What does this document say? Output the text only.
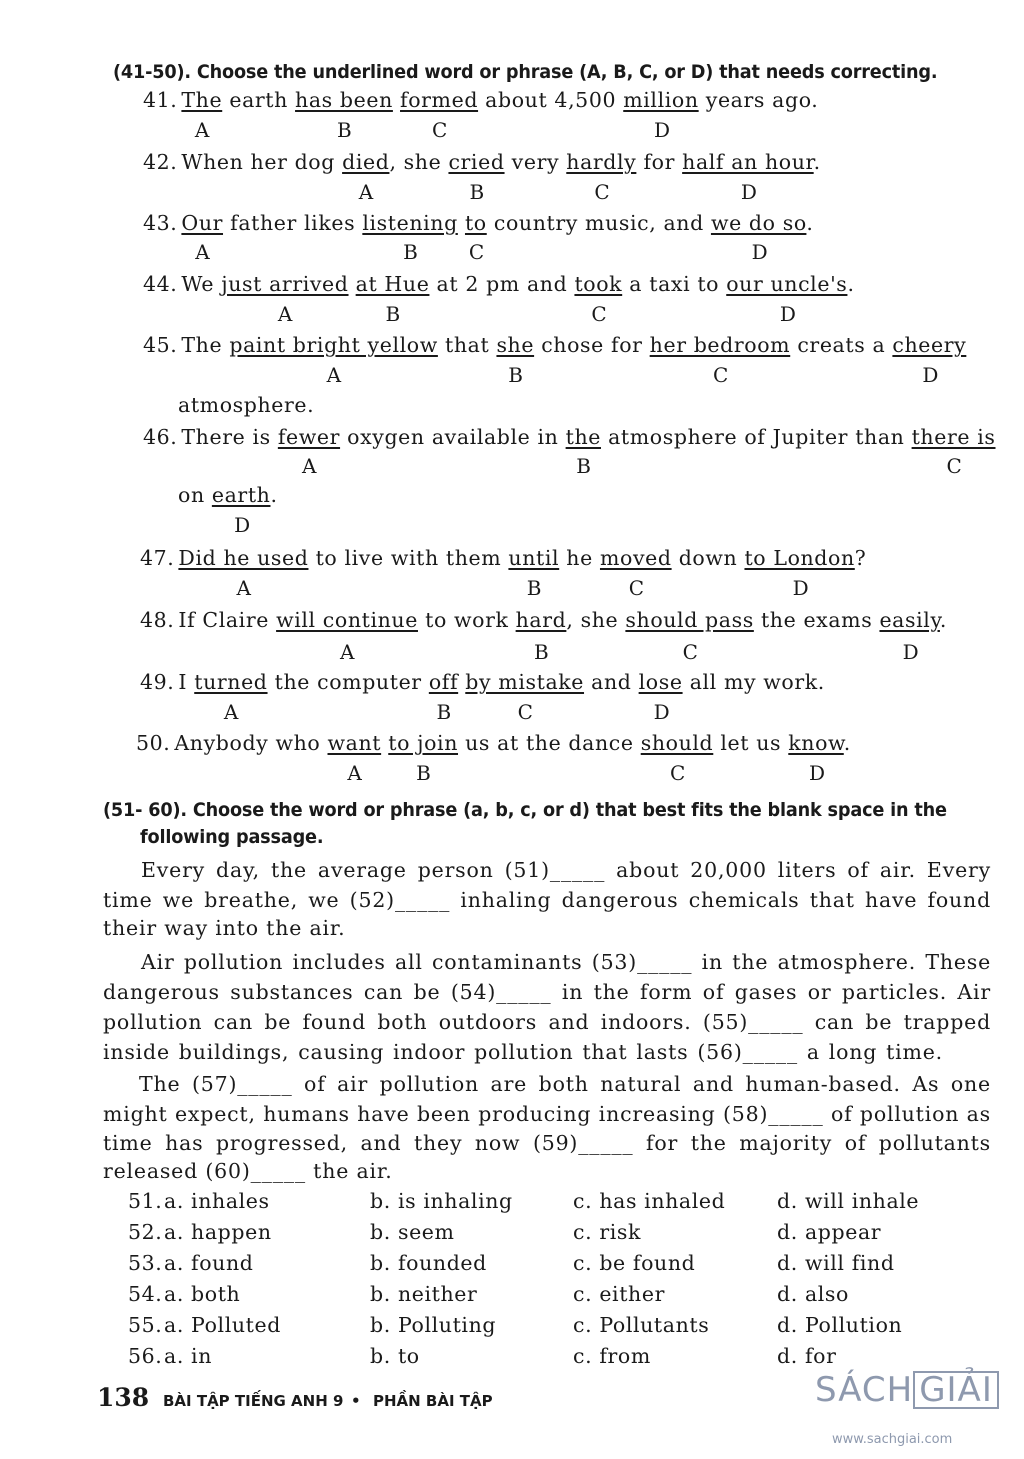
(41-50). Choose the underlined word or phrase (A, B, C, or D) that needs correcting.
41. The earth has been formed about 4,500 million years ago.
A	B	C	D
42. When her dog died, she cried very hardly for half an hour.
A	B	C	D
43. Our father likes listening to country music, and we do so.
A	B	C	D
44. We just arrived at Hue at 2 pm and took a taxi to our uncle's.
A	B	C	D
45. The paint bright yellow that she chose for her bedroom creats a cheery
atmosphere.
A	B	C	D
46. There is fewer oxygen available in the atmosphere of Jupiter than there is
on earth.
A	B	C
D
47. Did he used to live with them until he moved down to London?
A	B	C	D
48. If Claire will continue to work hard, she should pass the exams easily.
A	B	C	D
49. I turned the computer off by mistake and lose all my work.
A	B	C	D
50. Anybody who want to join us at the dance should let us know.
A	B	C	D
(51- 60). Choose the word or phrase (a, b, c, or d) that best fits the blank space in the
following passage.
Every day, the average person (51)_____ about 20,000 liters of air. Every
time we breathe, we (52)_____ inhaling dangerous chemicals that have found
their way into the air.
Air pollution includes all contaminants (53)_____ in the atmosphere. These
dangerous substances can be (54)_____ in the form of gases or particles. Air
pollution can be found both outdoors and indoors. (55)_____ can be trapped
inside buildings, causing indoor pollution that lasts (56)_____ a long time.
The (57)_____ of air pollution are both natural and human-based. As one
might expect, humans have been producing increasing (58)_____ of pollution as
time has progressed, and they now (59)_____ for the majority of pollutants
released (60)_____ the air.
51. a. inhales	b. is inhaling	c. has inhaled	d. will inhale
52. a. happen	b. seem	c. risk	d. appear
53. a. found	b. founded	c. be found	d. will find
54. a. both	b. neither	c. either	d. also
55. a. Polluted	b. Polluting	c. Pollutants	d. Pollution
56. a. in	b. to	c. from	d. for
138 BÀI TẬP TIẾNG ANH 9 • PHẦN BÀI TẬP	SÁCH GIẢI
www.sachgiai.com
